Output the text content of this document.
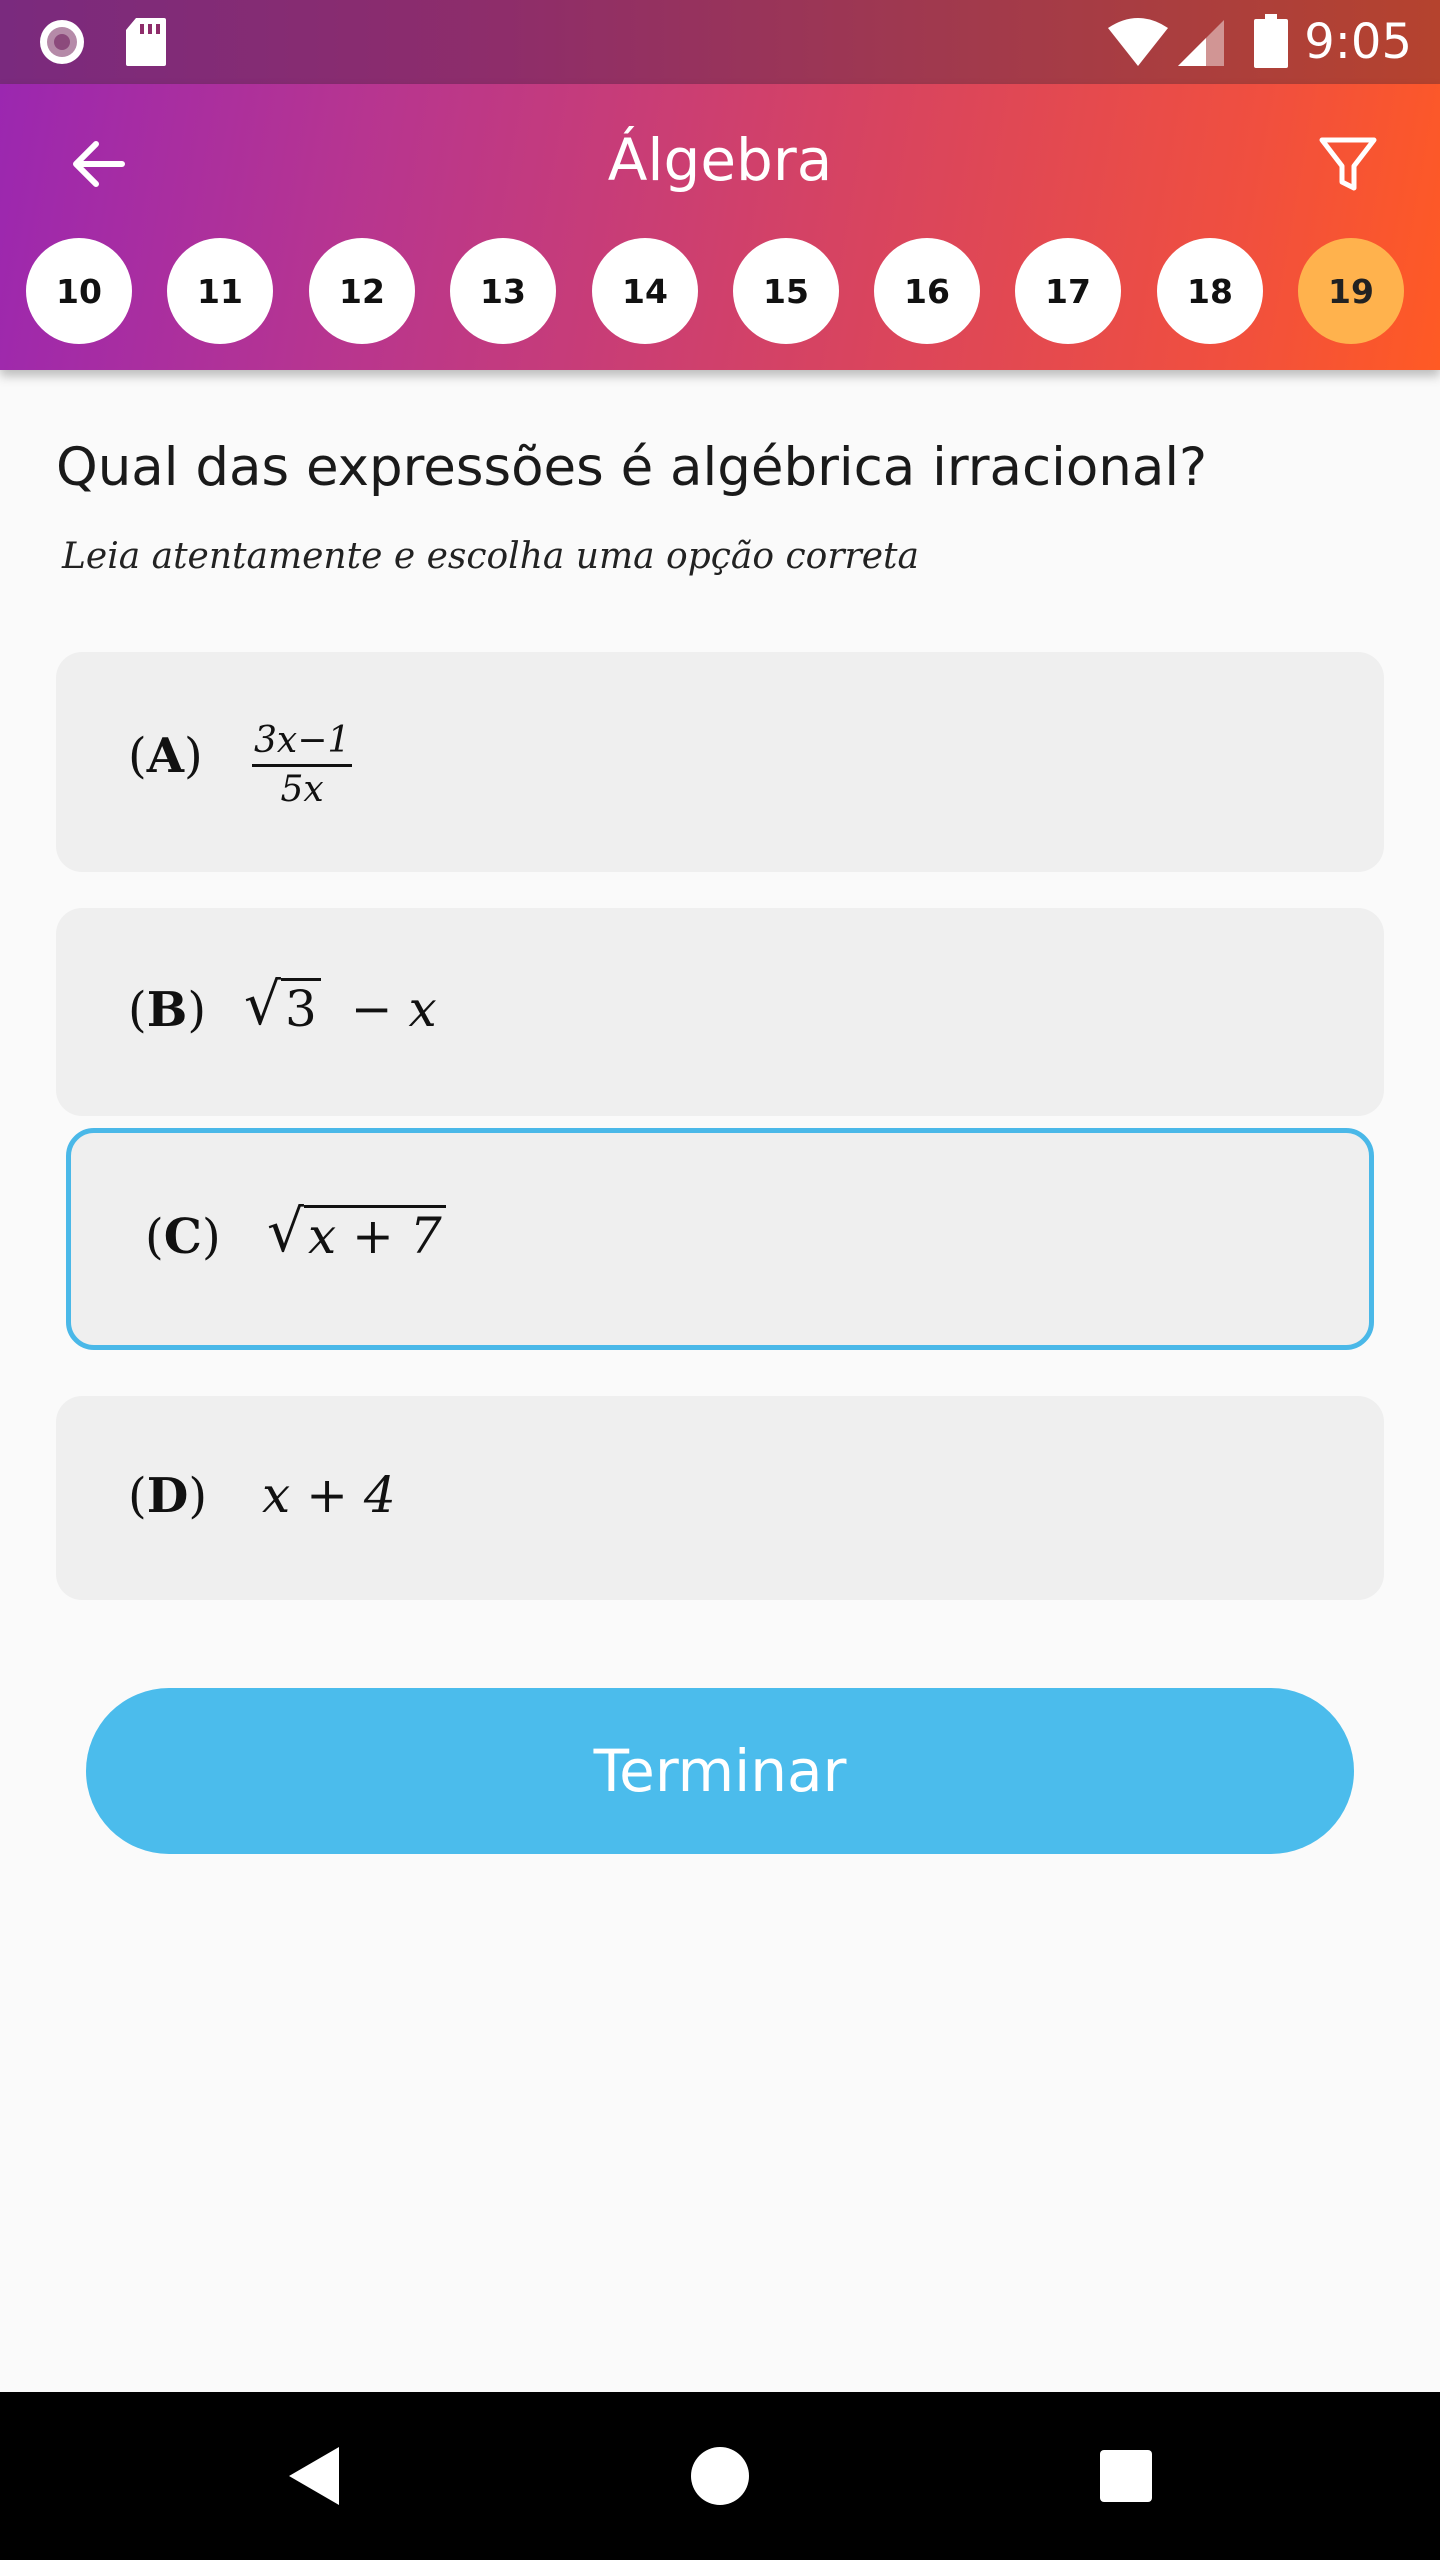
9:05
Álgebra
10	11	12	13	14	15	16	17	18	19
Qual das expressões é algébrica irracional?
Leia atentamente e escolha uma opção correta
$(A) \frac{3x-1}{5x}$
(B) √ 3 − x
(C) √ x + 7
(D) x + 4
Terminar
